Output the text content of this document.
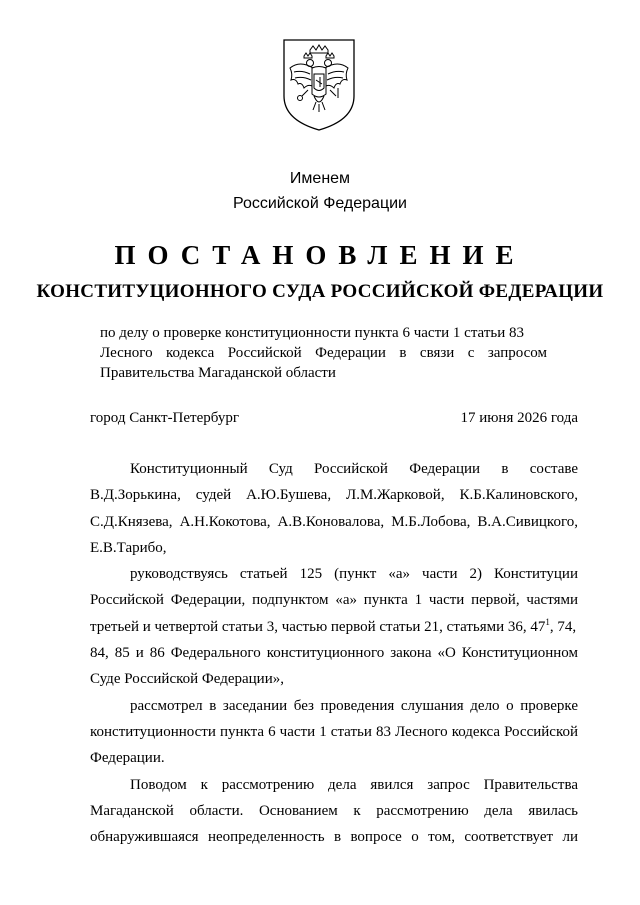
Именем
Российской Федерации
ПОСТАНОВЛЕНИЕ
КОНСТИТУЦИОННОГО СУДА РОССИЙСКОЙ ФЕДЕРАЦИИ
по делу о проверке конституционности пункта 6 части 1 статьи 83
Лесного кодекса Российской Федерации в связи с запросом
Правительства Магаданской области
город Санкт-Петербург	17 июня 2026 года
Конституционный Суд Российской Федерации в составе
В.Д.Зорькина, судей А.Ю.Бушева, Л.М.Жарковой, К.Б.Калиновского,
С.Д.Князева, А.Н.Кокотова, А.В.Коновалова, М.Б.Лобова, В.А.Сивицкого,
Е.В.Тарибо,
руководствуясь статьей 125 (пункт «а» части 2) Конституции
Российской Федерации, подпунктом «а» пункта 1 части первой, частями
третьей и четвертой статьи 3, частью первой статьи 21, статьями 36, $47^1$, 74,
84, 85 и 86 Федерального конституционного закона «О Конституционном
Суде Российской Федерации»,
рассмотрел в заседании без проведения слушания дело о проверке
конституционности пункта 6 части 1 статьи 83 Лесного кодекса Российской
Федерации.
Поводом к рассмотрению дела явился запрос Правительства
Магаданской области. Основанием к рассмотрению дела явилась
обнаружившаяся неопределенность в вопросе о том, соответствует ли
